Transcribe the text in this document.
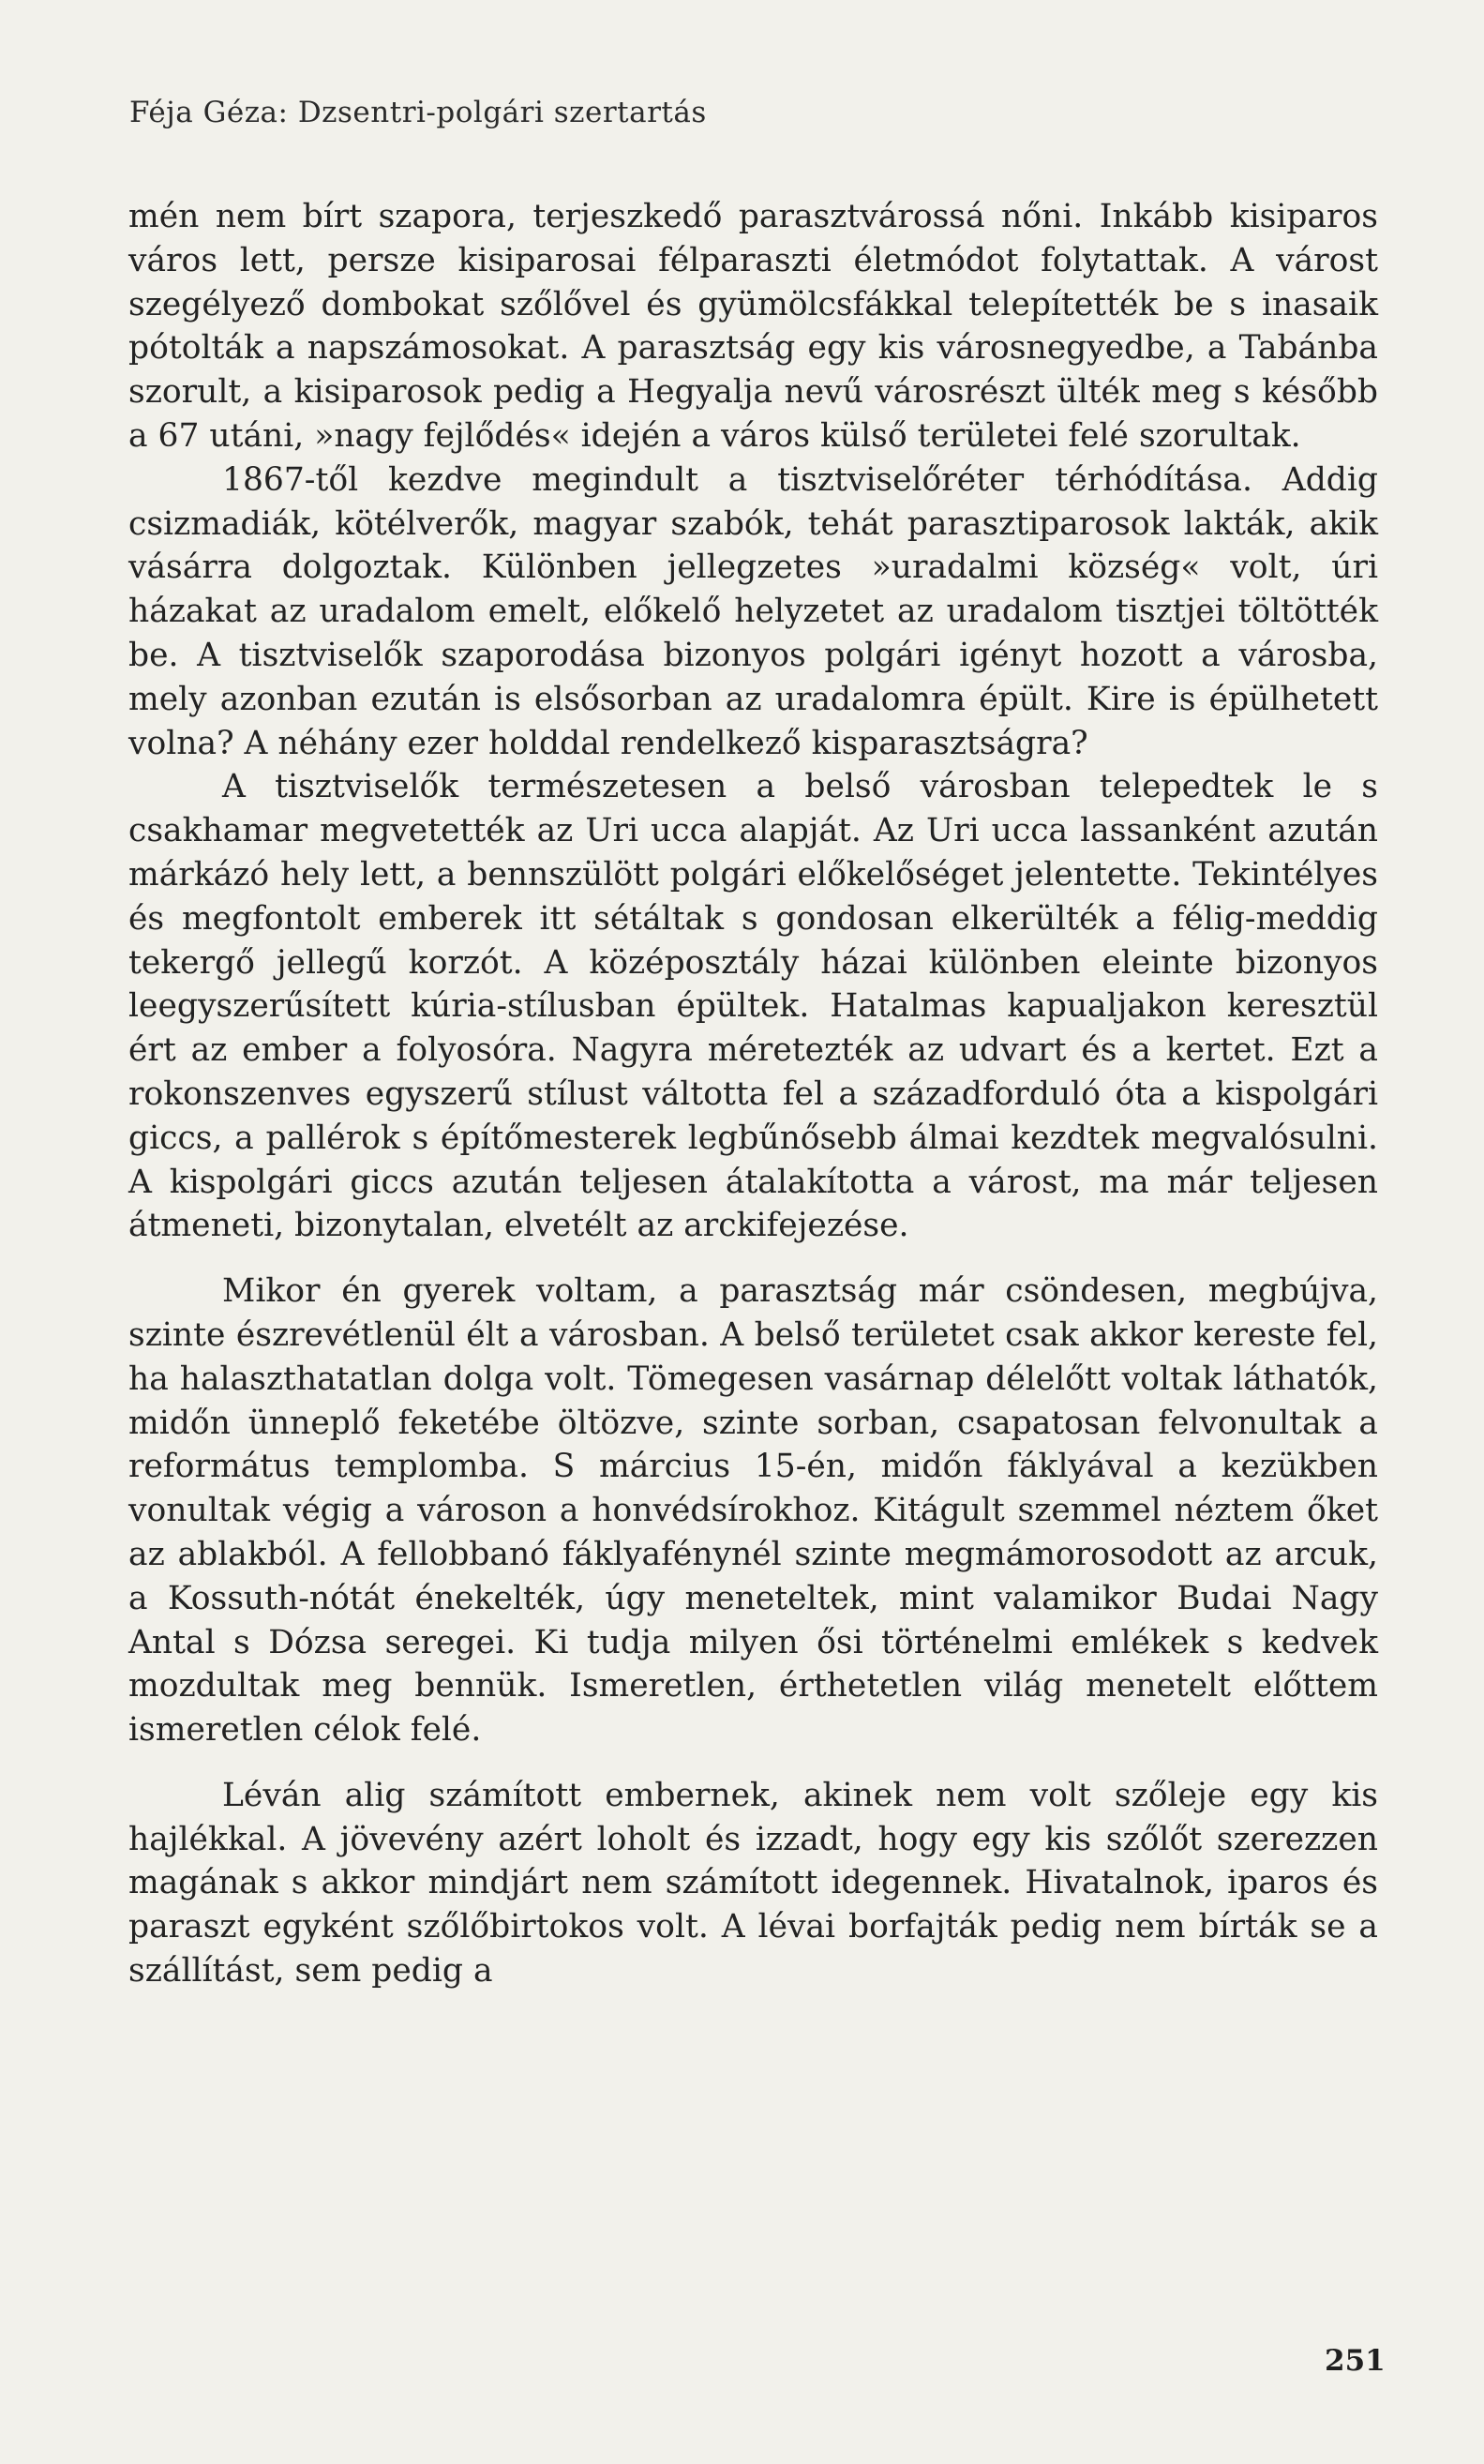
Féja Géza: Dzsentri-polgári szertartás

mén nem bírt szapora, terjeszkedő parasztvárossá nőni. Inkább kisiparos város lett, persze kisiparosai félparaszti életmódot folytattak. A várost szegélyező dombokat szőlővel és gyümölcsfákkal telepítették be s inasaik pótolták a napszámosokat. A parasztság egy kis városnegyedbe, a Tabánba szorult, a kisiparosok pedig a Hegyalja nevű városrészt ülték meg s később a 67 utáni, »nagy fejlődés« idején a város külső területei felé szorultak.

1867-től kezdve megindult a tisztviselőrétег térhódítása. Addig csizmadiák, kötélverők, magyar szabók, tehát parasztiparosok lakták, akik vásárra dolgoztak. Különben jellegzetes »uradalmi község« volt, úri házakat az uradalom emelt, előkelő helyzetet az uradalom tisztjei töltötték be. A tisztviselők szaporodása bizonyos polgári igényt hozott a városba, mely azonban ezután is elsősorban az uradalomra épült. Kire is épülhetett volna? A néhány ezer holddal rendelkező kisparasztságra?

A tisztviselők természetesen a belső városban telepedtek le s csakhamar megvetették az Uri ucca alapját. Az Uri ucca lassanként azután márkázó hely lett, a bennszülött polgári előkelőséget jelentette. Tekintélyes és megfontolt emberek itt sétáltak s gondosan elkerülték a félig-meddig tekergő jellegű korzót. A középosztály házai különben eleinte bizonyos leegyszerűsített kúria-stílusban épültek. Hatalmas kapualjakon keresztül ért az ember a folyosóra. Nagyra méretezték az udvart és a kertet. Ezt a rokonszenves egyszerű stílust váltotta fel a századforduló óta a kispolgári giccs, a pallérok s építőmesterek legbűnősebb álmai kezdtek megvalósulni. A kispolgári giccs azután teljesen átalakította a várost, ma már teljesen átmeneti, bizonytalan, elvetélt az arckifejezése.

Mikor én gyerek voltam, a parasztság már csöndesen, megbújva, szinte észrevétlenül élt a városban. A belső területet csak akkor kereste fel, ha halaszthatatlan dolga volt. Tömegesen vasárnap délelőtt voltak láthatók, midőn ünneplő feketébe öltözve, szinte sorban, csapatosan felvonultak a református templomba. S március 15-én, midőn fáklyával a kezükben vonultak végig a városon a honvédsírokhoz. Kitágult szemmel néztem őket az ablakból. A fellobbanó fáklyafénynél szinte megmámorosodott az arcuk, a Kossuth-nótát énekelték, úgy meneteltek, mint valamikor Budai Nagy Antal s Dózsa seregei. Ki tudja milyen ősi történelmi emlékek s kedvek mozdultak meg bennük. Ismeretlen, érthetetlen világ menetelt előttem ismeretlen célok felé.

Léván alig számított embernek, akinek nem volt szőleje egy kis hajlékkal. A jövevény azért loholt és izzadt, hogy egy kis szőlőt szerezzen magának s akkor mindjárt nem számított idegennek. Hivatalnok, iparos és paraszt egyként szőlőbirtokos volt. A lévai borfajták pedig nem bírták se a szállítást, sem pedig a

251
